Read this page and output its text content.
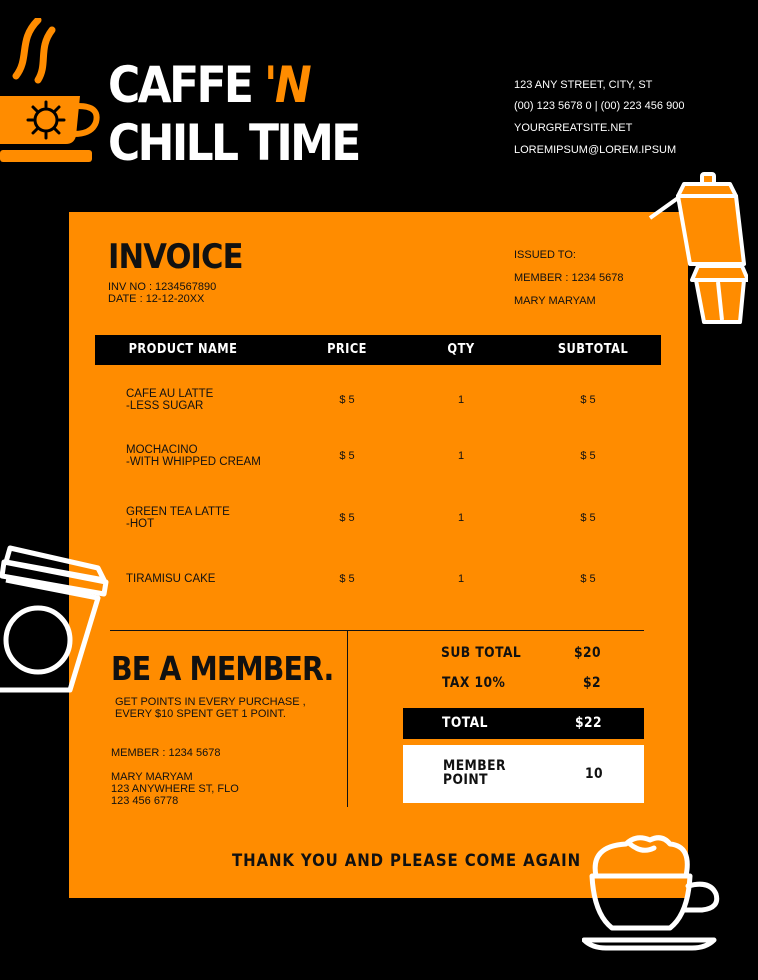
CAFFE 'N
CHILL TIME
123 ANY STREET, CITY, ST
(00) 123 5678 0 | (00) 223 456 900
YOURGREATSITE.NET
LOREMIPSUM@LOREM.IPSUM
INVOICE
INV NO : 1234567890
DATE : 12-12-20XX
ISSUED TO:
MEMBER : 1234 5678
MARY MARYAM
PRODUCT NAME	PRICE	QTY	SUBTOTAL
CAFE AU LATTE
-LESS SUGAR	$ 5	1	$ 5
MOCHACINO
-WITH WHIPPED CREAM	$ 5	1	$ 5
GREEN TEA LATTE
-HOT	$ 5	1	$ 5
TIRAMISU CAKE	$ 5	1	$ 5
BE A MEMBER.
GET POINTS IN EVERY PURCHASE ,
EVERY $10 SPENT GET 1 POINT.
MEMBER : 1234 5678
MARY MARYAM
123 ANYWHERE ST, FLO
123 456 6778
SUB TOTAL	$20
TAX 10%	$2
TOTAL	$22
MEMBER
POINT	10
THANK YOU AND PLEASE COME AGAIN
